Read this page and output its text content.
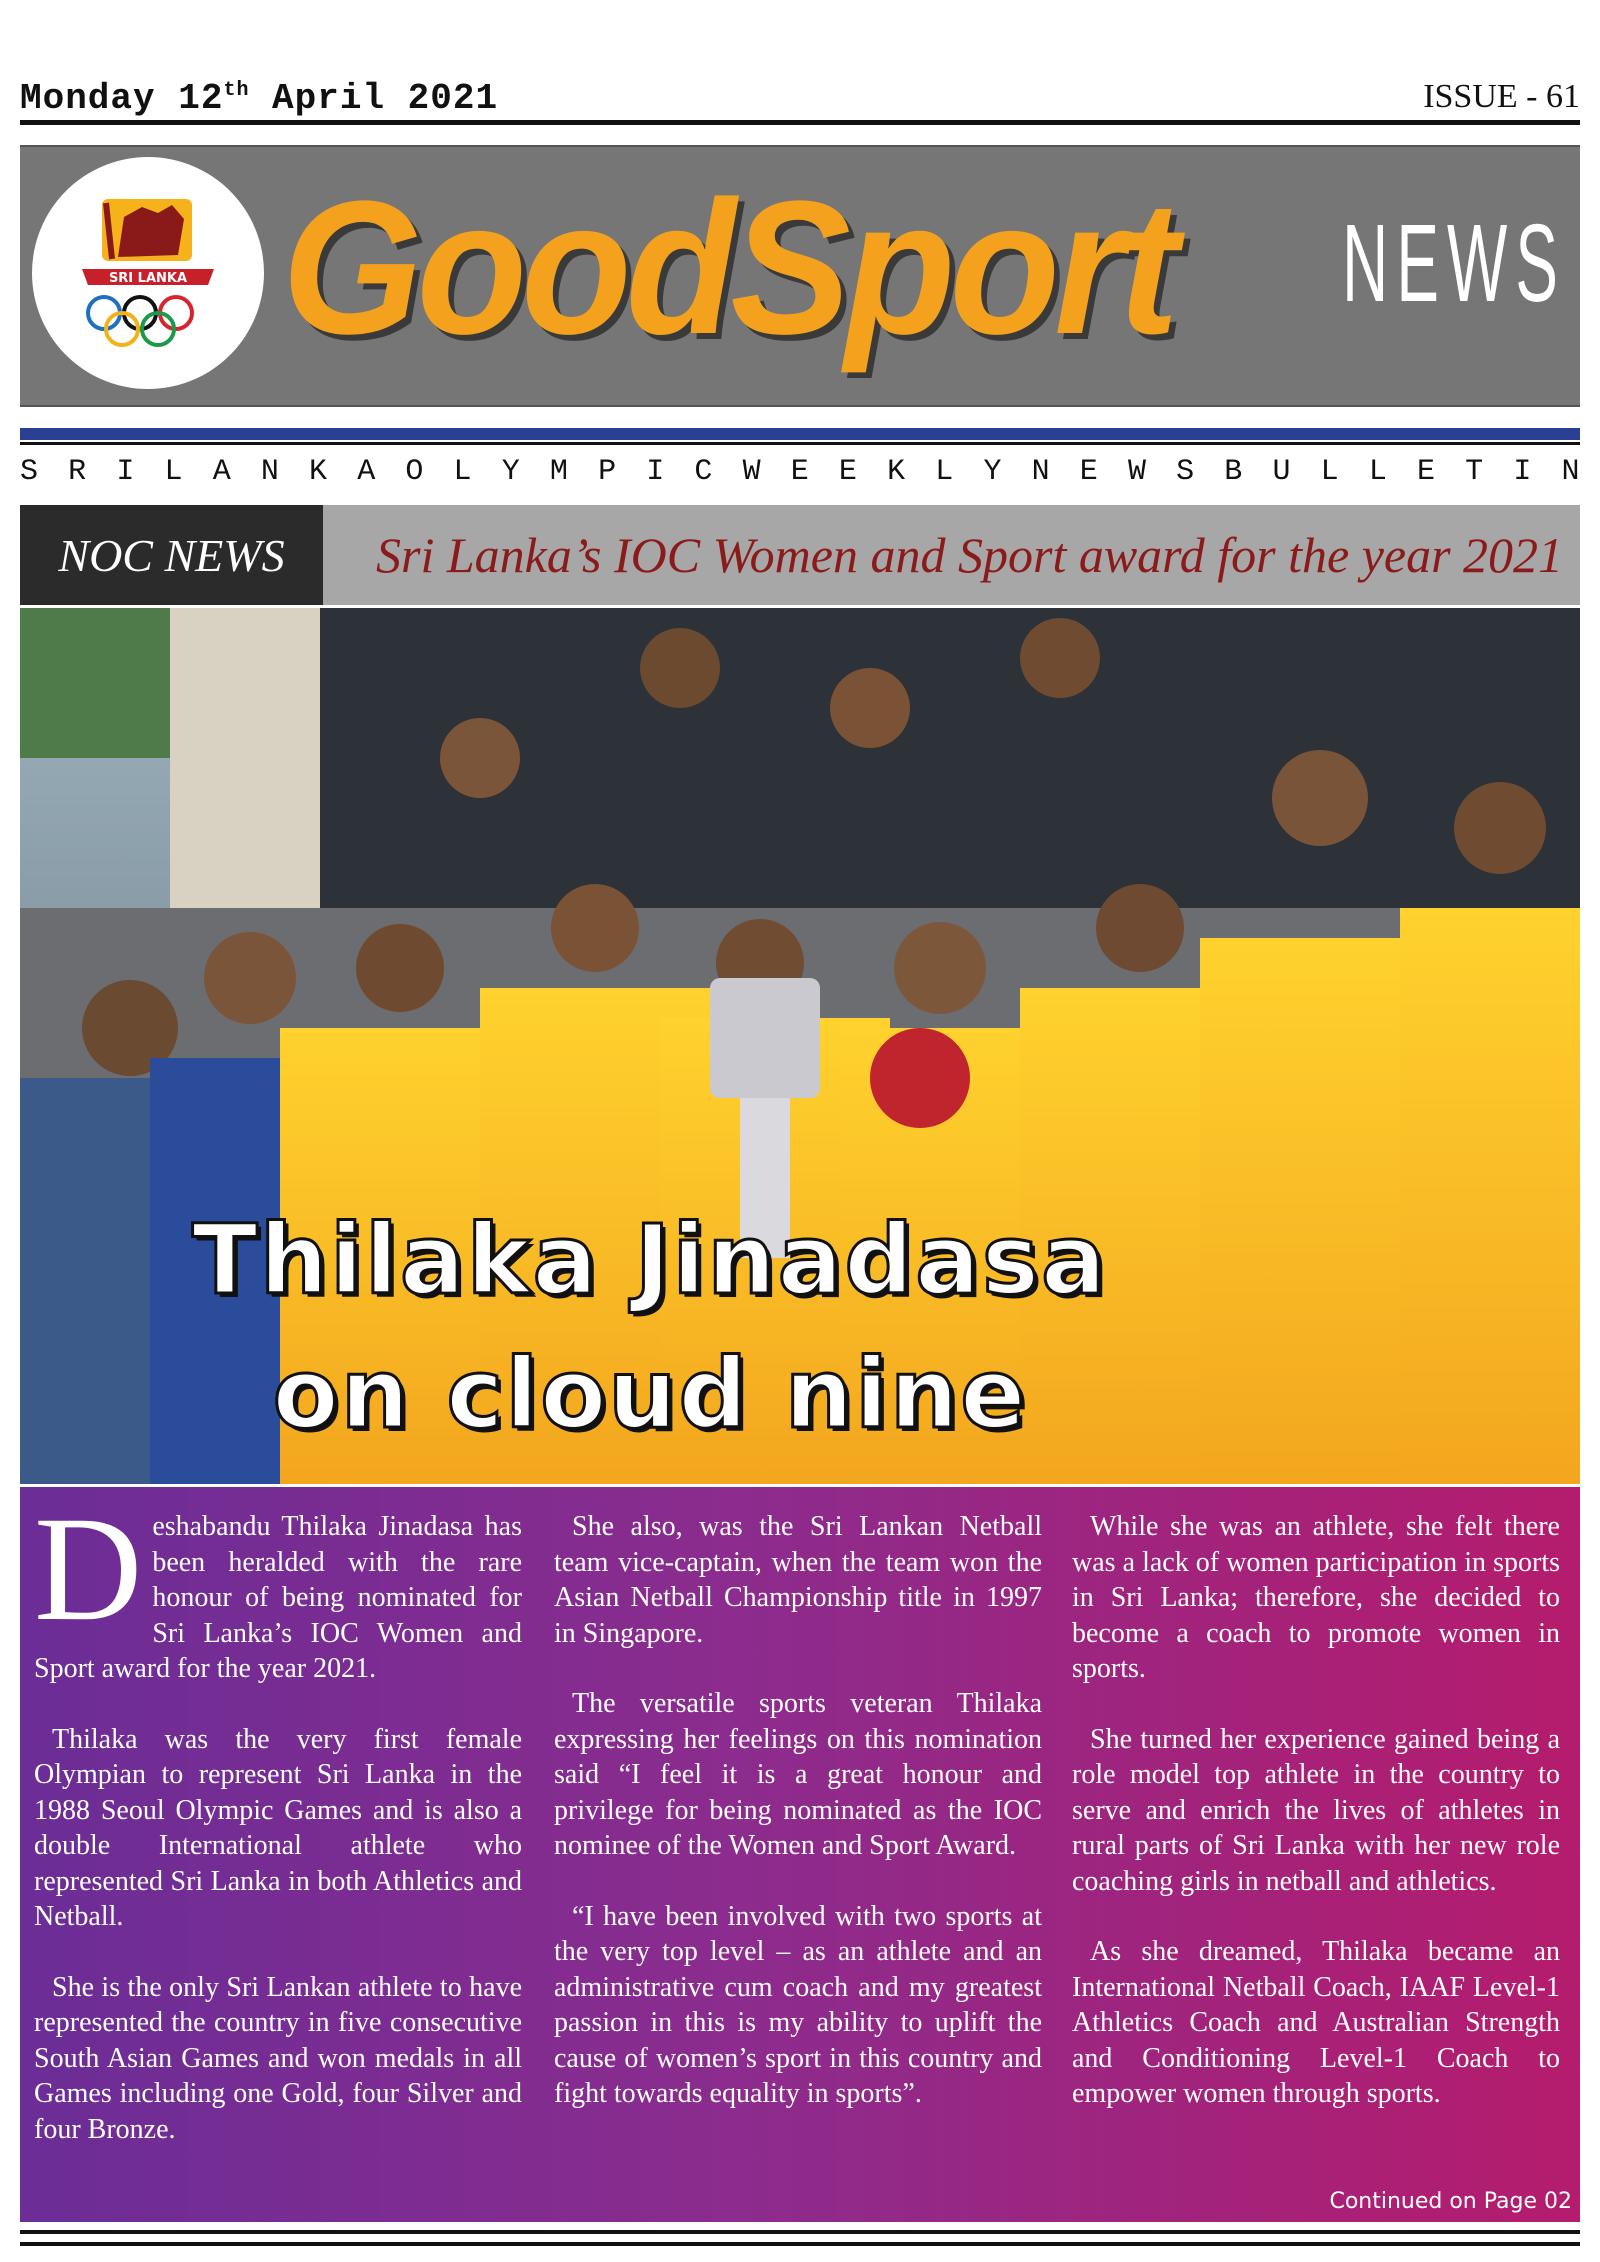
Monday 12th April 2021	ISSUE - 61
SRI LANKA GoodSport NEWS
S R I L A N K A O L Y M P I C W E E K L Y N E W S B U L L E T I N
NOC NEWS	Sri Lanka’s IOC Women and Sport award for the year 2021
Thilaka Jinadasa
on cloud nine

Deshabandu Thilaka Jinadasa has been heralded with the rare honour of being nominated for Sri Lanka’s IOC Women and Sport award for the year 2021.

Thilaka was the very first female Olympian to represent Sri Lanka in the 1988 Seoul Olympic Games and is also a double International athlete who represented Sri Lanka in both Athletics and Netball.

She is the only Sri Lankan athlete to have represented the country in five consecutive South Asian Games and won medals in all Games including one Gold, four Silver and four Bronze.

She also, was the Sri Lankan Netball team vice-captain, when the team won the Asian Netball Championship title in 1997 in Singapore.

The versatile sports veteran Thilaka expressing her feelings on this nomination said “I feel it is a great honour and privilege for being nominated as the IOC nominee of the Women and Sport Award.

“I have been involved with two sports at the very top level – as an athlete and an administrative cum coach and my greatest passion in this is my ability to uplift the cause of women’s sport in this country and fight towards equality in sports”.

While she was an athlete, she felt there was a lack of women participation in sports in Sri Lanka; therefore, she decided to become a coach to promote women in sports.

She turned her experience gained being a role model top athlete in the country to serve and enrich the lives of athletes in rural parts of Sri Lanka with her new role coaching girls in netball and athletics.

As she dreamed, Thilaka became an International Netball Coach, IAAF Level-1 Athletics Coach and Australian Strength and Conditioning Level-1 Coach to empower women through sports.

Continued on Page 02
